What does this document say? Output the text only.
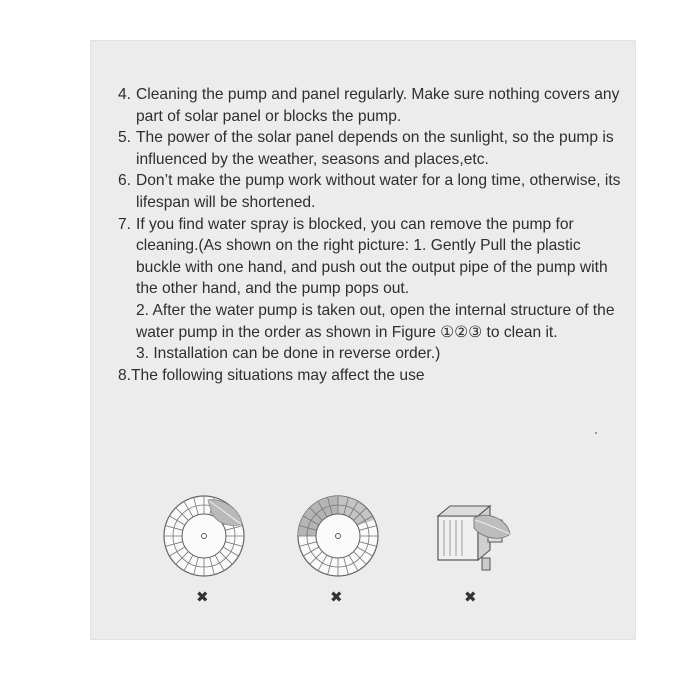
4. Cleaning the pump and panel regularly. Make sure nothing covers any part of solar panel or blocks the pump.
5. The power of the solar panel depends on the sunlight, so the pump is influenced by the weather, seasons and places,etc.
6. Don’t make the pump work without water for a long time, otherwise, its lifespan will be shortened.
7. If you find water spray is blocked, you can remove the pump for cleaning.(As shown on the right picture: 1. Gently Pull the plastic buckle with one hand, and push out the output pipe of the pump with the other hand, and the pump pops out.
2. After the water pump is taken out, open the internal structure of the water pump in the order as shown in Figure ①②③ to clean it.
3. Installation can be done in reverse order.)
8.The following situations may affect the use
✖	✖	✖
